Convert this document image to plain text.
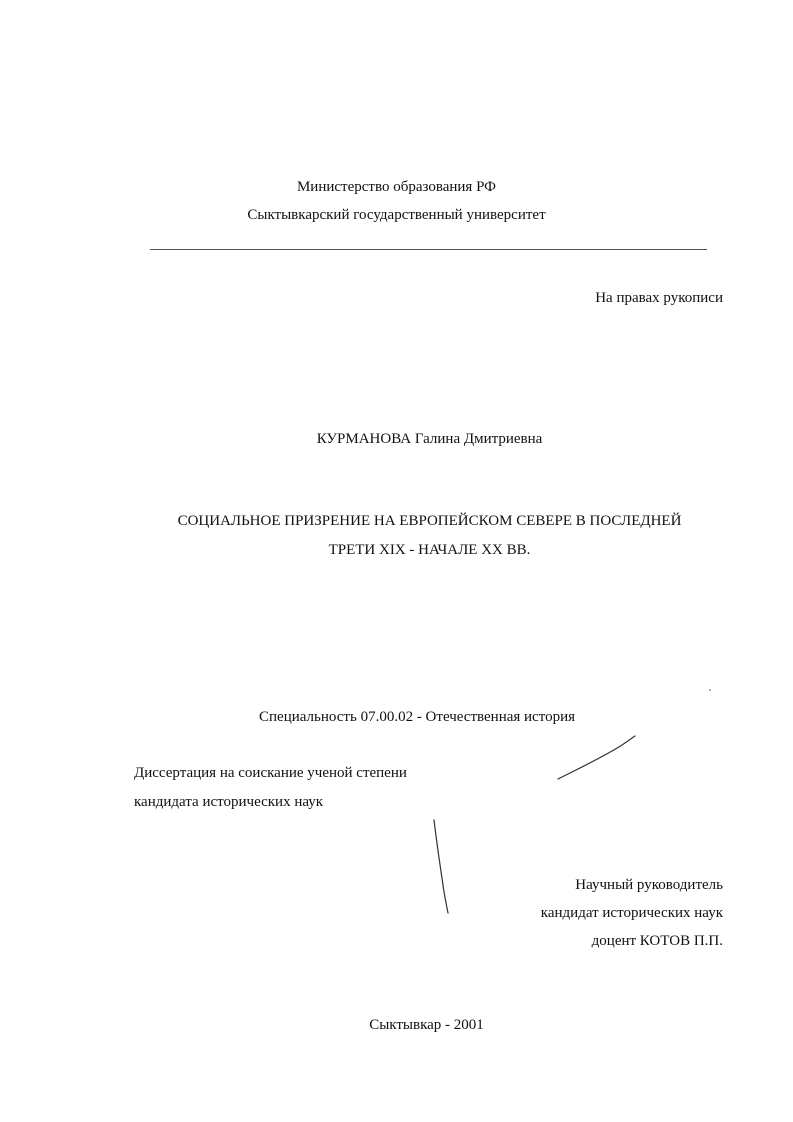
Министерство образования РФ
Сыктывкарский государственный университет
На правах рукописи
КУРМАНОВА Галина Дмитриевна
СОЦИАЛЬНОЕ ПРИЗРЕНИЕ НА ЕВРОПЕЙСКОМ СЕВЕРЕ В ПОСЛЕДНЕЙ
ТРЕТИ XIX - НАЧАЛЕ XX ВВ.
Специальность 07.00.02 - Отечественная история
Диссертация на соискание ученой степени
кандидата исторических наук
Научный руководитель
кандидат исторических наук
доцент КОТОВ П.П.
Сыктывкар - 2001
